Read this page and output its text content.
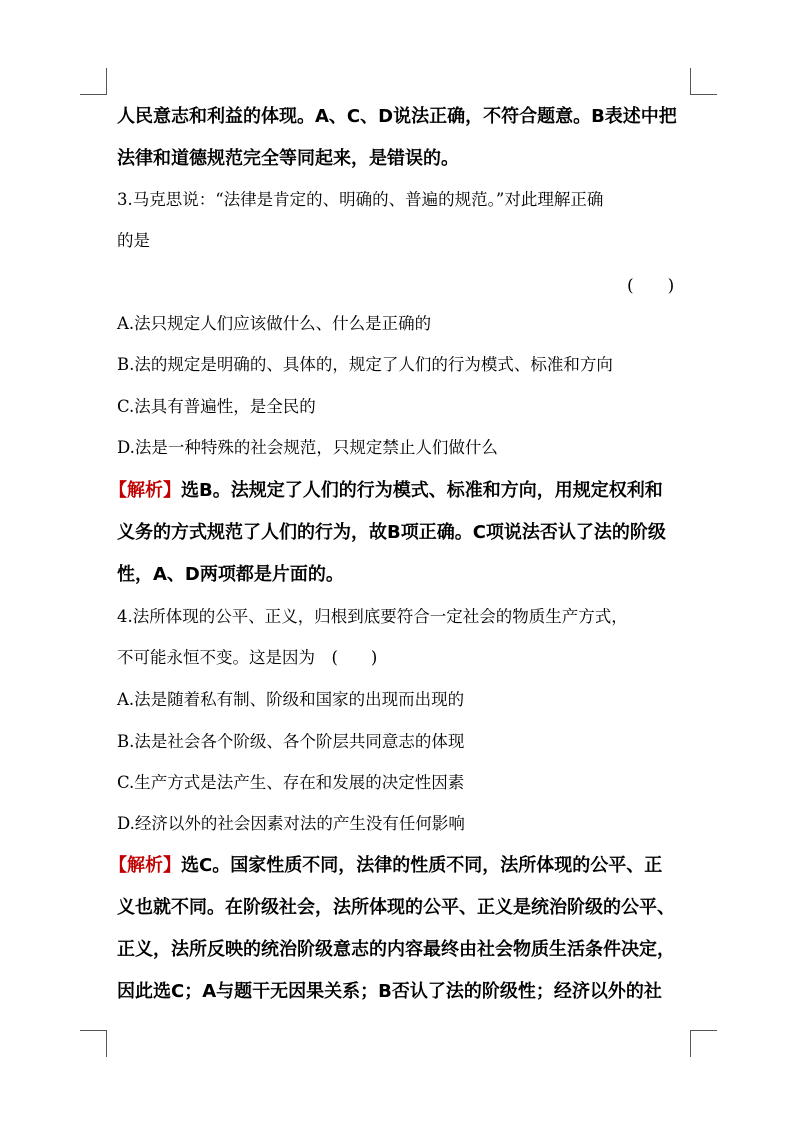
人民意志和利益的体现。A、C、D说法正确，不符合题意。B表述中把
法律和道德规范完全等同起来，是错误的。
3.马克思说：“法律是肯定的、明确的、普遍的规范。”对此理解正确
的是
(　　)
A.法只规定人们应该做什么、什么是正确的
B.法的规定是明确的、具体的，规定了人们的行为模式、标准和方向
C.法具有普遍性，是全民的
D.法是一种特殊的社会规范，只规定禁止人们做什么
【解析】选B。法规定了人们的行为模式、标准和方向，用规定权利和
义务的方式规范了人们的行为，故B项正确。C项说法否认了法的阶级
性，A、D两项都是片面的。
4.法所体现的公平、正义，归根到底要符合一定社会的物质生产方式，
不可能永恒不变。这是因为　(　　)
A.法是随着私有制、阶级和国家的出现而出现的
B.法是社会各个阶级、各个阶层共同意志的体现
C.生产方式是法产生、存在和发展的决定性因素
D.经济以外的社会因素对法的产生没有任何影响
【解析】选C。国家性质不同，法律的性质不同，法所体现的公平、正
义也就不同。在阶级社会，法所体现的公平、正义是统治阶级的公平、
正义，法所反映的统治阶级意志的内容最终由社会物质生活条件决定，
因此选C；A与题干无因果关系；B否认了法的阶级性；经济以外的社
